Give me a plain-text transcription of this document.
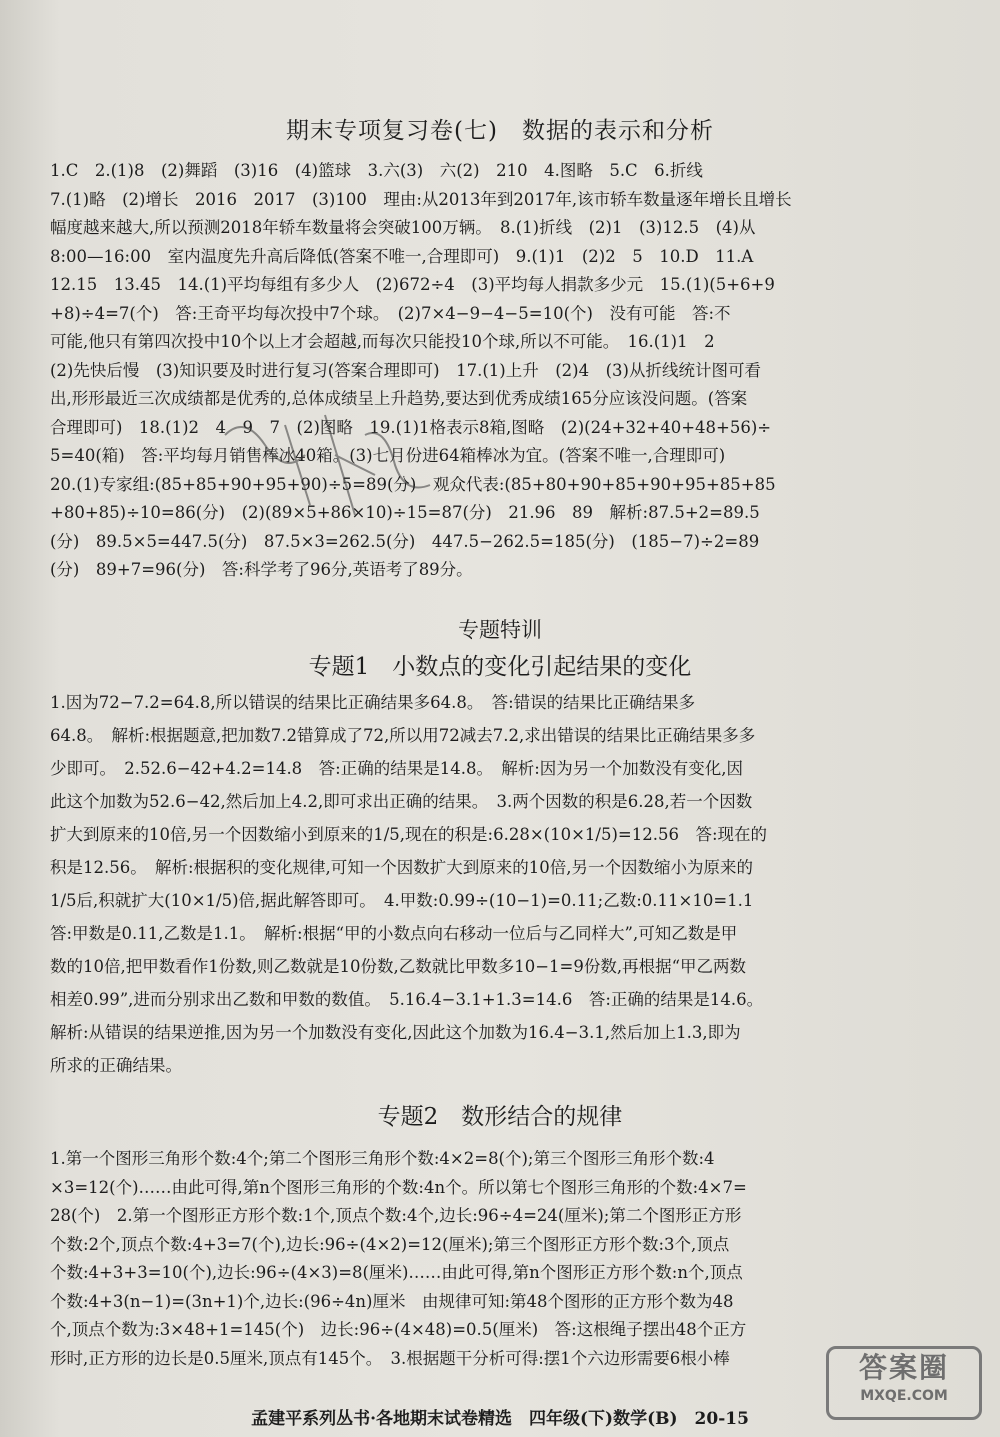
期末专项复习卷(七)　数据的表示和分析

1.C　2.(1)8　(2)舞蹈　(3)16　(4)篮球　3.六(3)　六(2)　210　4.图略　5.C　6.折线

7.(1)略　(2)增长　2016　2017　(3)100　理由:从2013年到2017年,该市轿车数量逐年增长且增长

幅度越来越大,所以预测2018年轿车数量将会突破100万辆。　8.(1)折线　(2)1　(3)12.5　(4)从

8:00—16:00　室内温度先升高后降低(答案不唯一,合理即可)　9.(1)1　(2)2　5　10.D　11.A

12.15　13.45　14.(1)平均每组有多少人　(2)672÷4　(3)平均每人捐款多少元　15.(1)(5+6+9

+8)÷4=7(个)　答:王奇平均每次投中7个球。　(2)7×4−9−4−5=10(个)　没有可能　答:不

可能,他只有第四次投中10个以上才会超越,而每次只能投10个球,所以不可能。　16.(1)1　2

(2)先快后慢　(3)知识要及时进行复习(答案合理即可)　17.(1)上升　(2)4　(3)从折线统计图可看

出,形形最近三次成绩都是优秀的,总体成绩呈上升趋势,要达到优秀成绩165分应该没问题。(答案

合理即可)　18.(1)2　4　9　7　(2)图略　19.(1)1格表示8箱,图略　(2)(24+32+40+48+56)÷

5=40(箱)　答:平均每月销售棒冰40箱。(3)七月份进64箱棒冰为宜。(答案不唯一,合理即可)

20.(1)专家组:(85+85+90+95+90)÷5=89(分)　观众代表:(85+80+90+85+90+95+85+85

+80+85)÷10=86(分)　(2)(89×5+86×10)÷15=87(分)　21.96　89　解析:87.5+2=89.5

(分)　89.5×5=447.5(分)　87.5×3=262.5(分)　447.5−262.5=185(分)　(185−7)÷2=89

(分)　89+7=96(分)　答:科学考了96分,英语考了89分。

专题特训
专题1　小数点的变化引起结果的变化

1.因为72−7.2=64.8,所以错误的结果比正确结果多64.8。　答:错误的结果比正确结果多

64.8。　解析:根据题意,把加数7.2错算成了72,所以用72减去7.2,求出错误的结果比正确结果多多

少即可。　2.52.6−42+4.2=14.8　答:正确的结果是14.8。　解析:因为另一个加数没有变化,因

此这个加数为52.6−42,然后加上4.2,即可求出正确的结果。　3.两个因数的积是6.28,若一个因数

扩大到原来的10倍,另一个因数缩小到原来的1/5,现在的积是:6.28×(10×1/5)=12.56　答:现在的

积是12.56。　解析:根据积的变化规律,可知一个因数扩大到原来的10倍,另一个因数缩小为原来的

1/5后,积就扩大(10×1/5)倍,据此解答即可。　4.甲数:0.99÷(10−1)=0.11;乙数:0.11×10=1.1

答:甲数是0.11,乙数是1.1。　解析:根据“甲的小数点向右移动一位后与乙同样大”,可知乙数是甲

数的10倍,把甲数看作1份数,则乙数就是10份数,乙数就比甲数多10−1=9份数,再根据“甲乙两数

相差0.99”,进而分别求出乙数和甲数的数值。　5.16.4−3.1+1.3=14.6　答:正确的结果是14.6。

解析:从错误的结果逆推,因为另一个加数没有变化,因此这个加数为16.4−3.1,然后加上1.3,即为

所求的正确结果。

专题2　数形结合的规律

1.第一个图形三角形个数:4个;第二个图形三角形个数:4×2=8(个);第三个图形三角形个数:4

×3=12(个)……由此可得,第n个图形三角形的个数:4n个。所以第七个图形三角形的个数:4×7=

28(个)　2.第一个图形正方形个数:1个,顶点个数:4个,边长:96÷4=24(厘米);第二个图形正方形

个数:2个,顶点个数:4+3=7(个),边长:96÷(4×2)=12(厘米);第三个图形正方形个数:3个,顶点

个数:4+3+3=10(个),边长:96÷(4×3)=8(厘米)……由此可得,第n个图形正方形个数:n个,顶点

个数:4+3(n−1)=(3n+1)个,边长:(96÷4n)厘米　由规律可知:第48个图形的正方形个数为48

个,顶点个数为:3×48+1=145(个)　边长:96÷(4×48)=0.5(厘米)　答:这根绳子摆出48个正方

形时,正方形的边长是0.5厘米,顶点有145个。　3.根据题干分析可得:摆1个六边形需要6根小棒

孟建平系列丛书·各地期末试卷精选　四年级(下)数学(B)　20-15
答案圈
MXQE.COM
